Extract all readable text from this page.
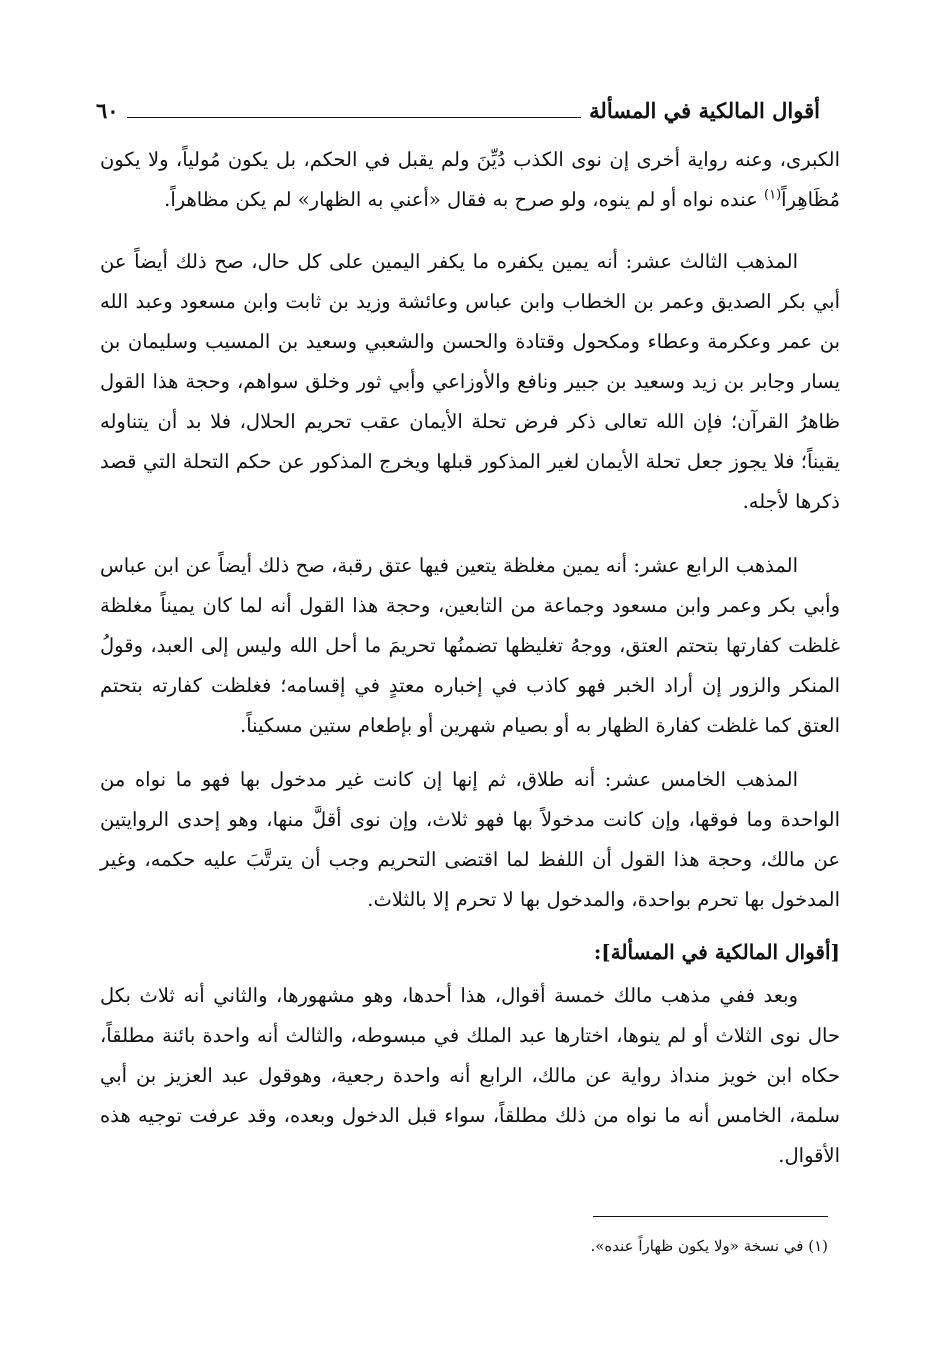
أقوال المالكية في المسألة
٦٠

الكبرى، وعنه رواية أخرى إن نوى الكذب دُيِّنَ ولم يقبل في الحكم، بل يكون مُولياً، ولا يكون مُظَاهِراً$^{(١)}$ عنده نواه أو لم ينوه، ولو صرح به فقال «أعني به الظهار» لم يكن مظاهراً.

المذهب الثالث عشر: أنه يمين يكفره ما يكفر اليمين على كل حال، صح ذلك أيضاً عن أبي بكر الصديق وعمر بن الخطاب وابن عباس وعائشة وزيد بن ثابت وابن مسعود وعبد الله بن عمر وعكرمة وعطاء ومكحول وقتادة والحسن والشعبي وسعيد بن المسيب وسليمان بن يسار وجابر بن زيد وسعيد بن جبير ونافع والأوزاعي وأبي ثور وخلق سواهم، وحجة هذا القول ظاهرُ القرآن؛ فإن الله تعالى ذكر فرض تحلة الأيمان عقب تحريم الحلال، فلا بد أن يتناوله يقيناً؛ فلا يجوز جعل تحلة الأيمان لغير المذكور قبلها ويخرج المذكور عن حكم التحلة التي قصد ذكرها لأجله.

المذهب الرابع عشر: أنه يمين مغلظة يتعين فيها عتق رقبة، صح ذلك أيضاً عن ابن عباس وأبي بكر وعمر وابن مسعود وجماعة من التابعين، وحجة هذا القول أنه لما كان يميناً مغلظة غلظت كفارتها بتحتم العتق، ووجهُ تغليظها تضمنُها تحريمَ ما أحل الله وليس إلى العبد، وقولُ المنكر والزور إن أراد الخبر فهو كاذب في إخباره معتدٍ في إقسامه؛ فغلظت كفارته بتحتم العتق كما غلظت كفارة الظهار به أو بصيام شهرين أو بإطعام ستين مسكيناً.

المذهب الخامس عشر: أنه طلاق، ثم إنها إن كانت غير مدخول بها فهو ما نواه من الواحدة وما فوقها، وإن كانت مدخولاً بها فهو ثلاث، وإن نوى أقلَّ منها، وهو إحدى الروايتين عن مالك، وحجة هذا القول أن اللفظ لما اقتضى التحريم وجب أن يترتَّبَ عليه حكمه، وغير المدخول بها تحرم بواحدة، والمدخول بها لا تحرم إلا بالثلاث.

[أقوال المالكية في المسألة]:

وبعد ففي مذهب مالك خمسة أقوال، هذا أحدها، وهو مشهورها، والثاني أنه ثلاث بكل حال نوى الثلاث أو لم ينوها، اختارها عبد الملك في مبسوطه، والثالث أنه واحدة بائنة مطلقاً، حكاه ابن خويز منداذ رواية عن مالك، الرابع أنه واحدة رجعية، وهوقول عبد العزيز بن أبي سلمة، الخامس أنه ما نواه من ذلك مطلقاً، سواء قبل الدخول وبعده، وقد عرفت توجيه هذه الأقوال.

(١) في نسخة «ولا يكون ظهاراً عنده».
